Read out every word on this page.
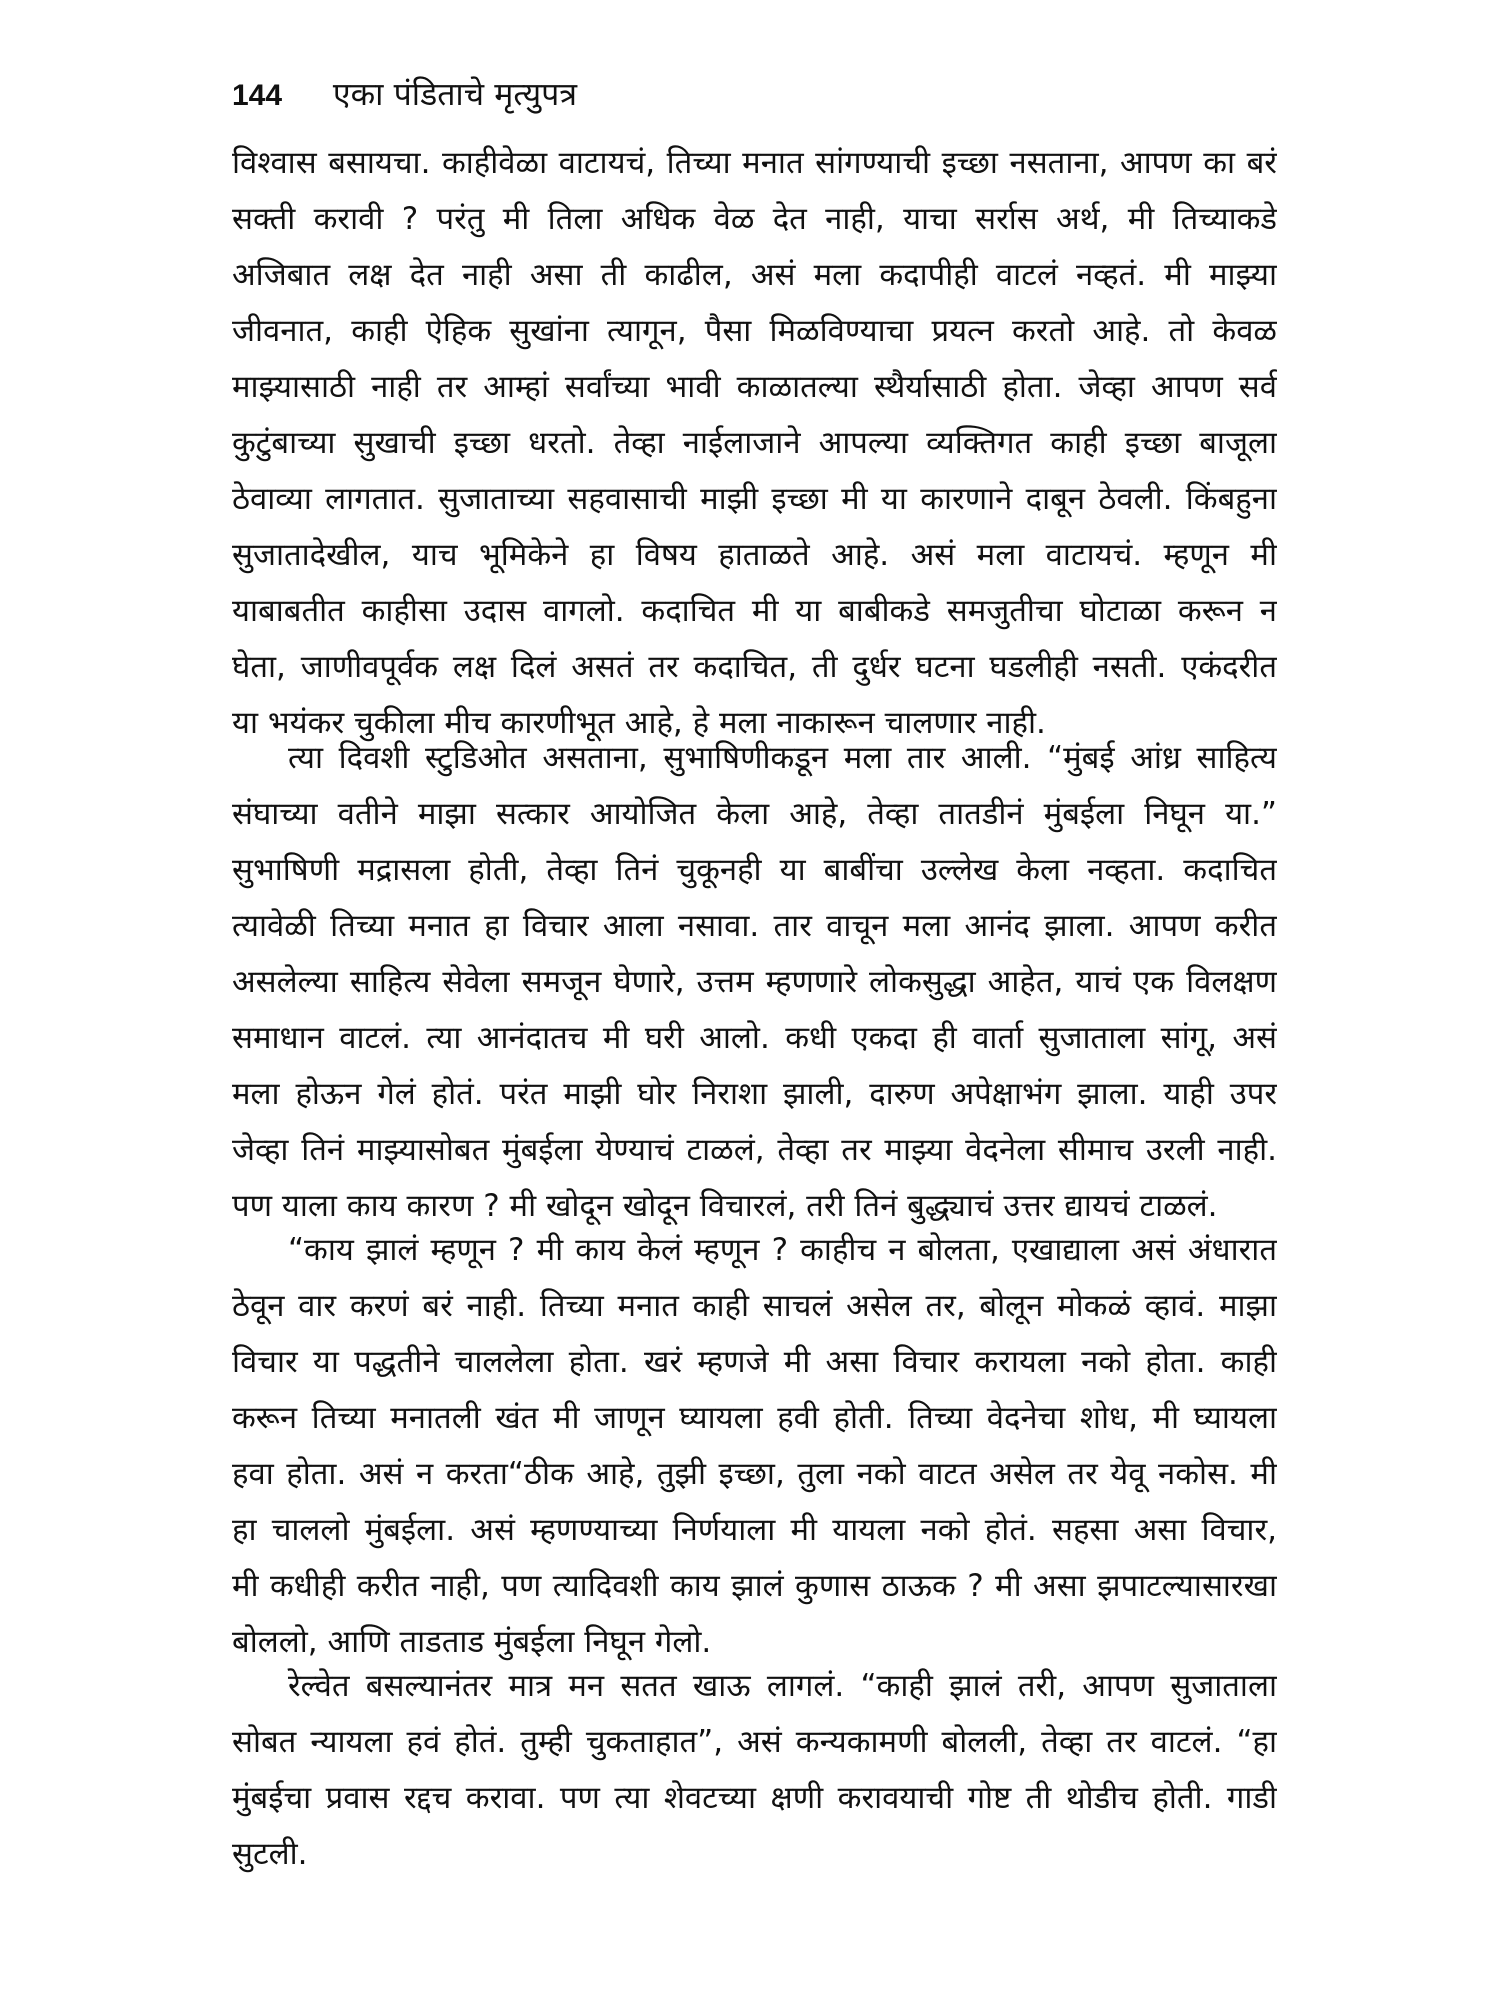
144 एका पंडिताचे मृत्युपत्र
विश्वास बसायचा. काहीवेळा वाटायचं, तिच्या मनात सांगण्याची इच्छा नसताना, आपण का बरं
सक्ती करावी ? परंतु मी तिला अधिक वेळ देत नाही, याचा सर्रास अर्थ, मी तिच्याकडे
अजिबात लक्ष देत नाही असा ती काढील, असं मला कदापीही वाटलं नव्हतं. मी माझ्या
जीवनात, काही ऐहिक सुखांना त्यागून, पैसा मिळविण्याचा प्रयत्न करतो आहे. तो केवळ
माझ्यासाठी नाही तर आम्हां सर्वांच्या भावी काळातल्या स्थैर्यासाठी होता. जेव्हा आपण सर्व
कुटुंबाच्या सुखाची इच्छा धरतो. तेव्हा नाईलाजाने आपल्या व्यक्तिगत काही इच्छा बाजूला
ठेवाव्या लागतात. सुजाताच्या सहवासाची माझी इच्छा मी या कारणाने दाबून ठेवली. किंबहुना
सुजातादेखील, याच भूमिकेने हा विषय हाताळते आहे. असं मला वाटायचं. म्हणून मी
याबाबतीत काहीसा उदास वागलो. कदाचित मी या बाबीकडे समजुतीचा घोटाळा करून न
घेता, जाणीवपूर्वक लक्ष दिलं असतं तर कदाचित, ती दुर्धर घटना घडलीही नसती. एकंदरीत
या भयंकर चुकीला मीच कारणीभूत आहे, हे मला नाकारून चालणार नाही.
त्या दिवशी स्टुडिओत असताना, सुभाषिणीकडून मला तार आली. “मुंबई आंध्र साहित्य
संघाच्या वतीने माझा सत्कार आयोजित केला आहे, तेव्हा तातडीनं मुंबईला निघून या.”
सुभाषिणी मद्रासला होती, तेव्हा तिनं चुकूनही या बाबींचा उल्लेख केला नव्हता. कदाचित
त्यावेळी तिच्या मनात हा विचार आला नसावा. तार वाचून मला आनंद झाला. आपण करीत
असलेल्या साहित्य सेवेला समजून घेणारे, उत्तम म्हणणारे लोकसुद्धा आहेत, याचं एक विलक्षण
समाधान वाटलं. त्या आनंदातच मी घरी आलो. कधी एकदा ही वार्ता सुजाताला सांगू, असं
मला होऊन गेलं होतं. परंत माझी घोर निराशा झाली, दारुण अपेक्षाभंग झाला. याही उपर
जेव्हा तिनं माझ्यासोबत मुंबईला येण्याचं टाळलं, तेव्हा तर माझ्या वेदनेला सीमाच उरली नाही.
पण याला काय कारण ? मी खोदून खोदून विचारलं, तरी तिनं बुद्ध्याचं उत्तर द्यायचं टाळलं.
“काय झालं म्हणून ? मी काय केलं म्हणून ? काहीच न बोलता, एखाद्याला असं अंधारात
ठेवून वार करणं बरं नाही. तिच्या मनात काही साचलं असेल तर, बोलून मोकळं व्हावं. माझा
विचार या पद्धतीने चाललेला होता. खरं म्हणजे मी असा विचार करायला नको होता. काही
करून तिच्या मनातली खंत मी जाणून घ्यायला हवी होती. तिच्या वेदनेचा शोध, मी घ्यायला
हवा होता. असं न करता“ठीक आहे, तुझी इच्छा, तुला नको वाटत असेल तर येवू नकोस. मी
हा चाललो मुंबईला. असं म्हणण्याच्या निर्णयाला मी यायला नको होतं. सहसा असा विचार,
मी कधीही करीत नाही, पण त्यादिवशी काय झालं कुणास ठाऊक ? मी असा झपाटल्यासारखा
बोललो, आणि ताडताड मुंबईला निघून गेलो.
रेल्वेत बसल्यानंतर मात्र मन सतत खाऊ लागलं. “काही झालं तरी, आपण सुजाताला
सोबत न्यायला हवं होतं. तुम्ही चुकताहात”, असं कन्यकामणी बोलली, तेव्हा तर वाटलं. “हा
मुंबईचा प्रवास रद्दच करावा. पण त्या शेवटच्या क्षणी करावयाची गोष्ट ती थोडीच होती. गाडी
सुटली.
